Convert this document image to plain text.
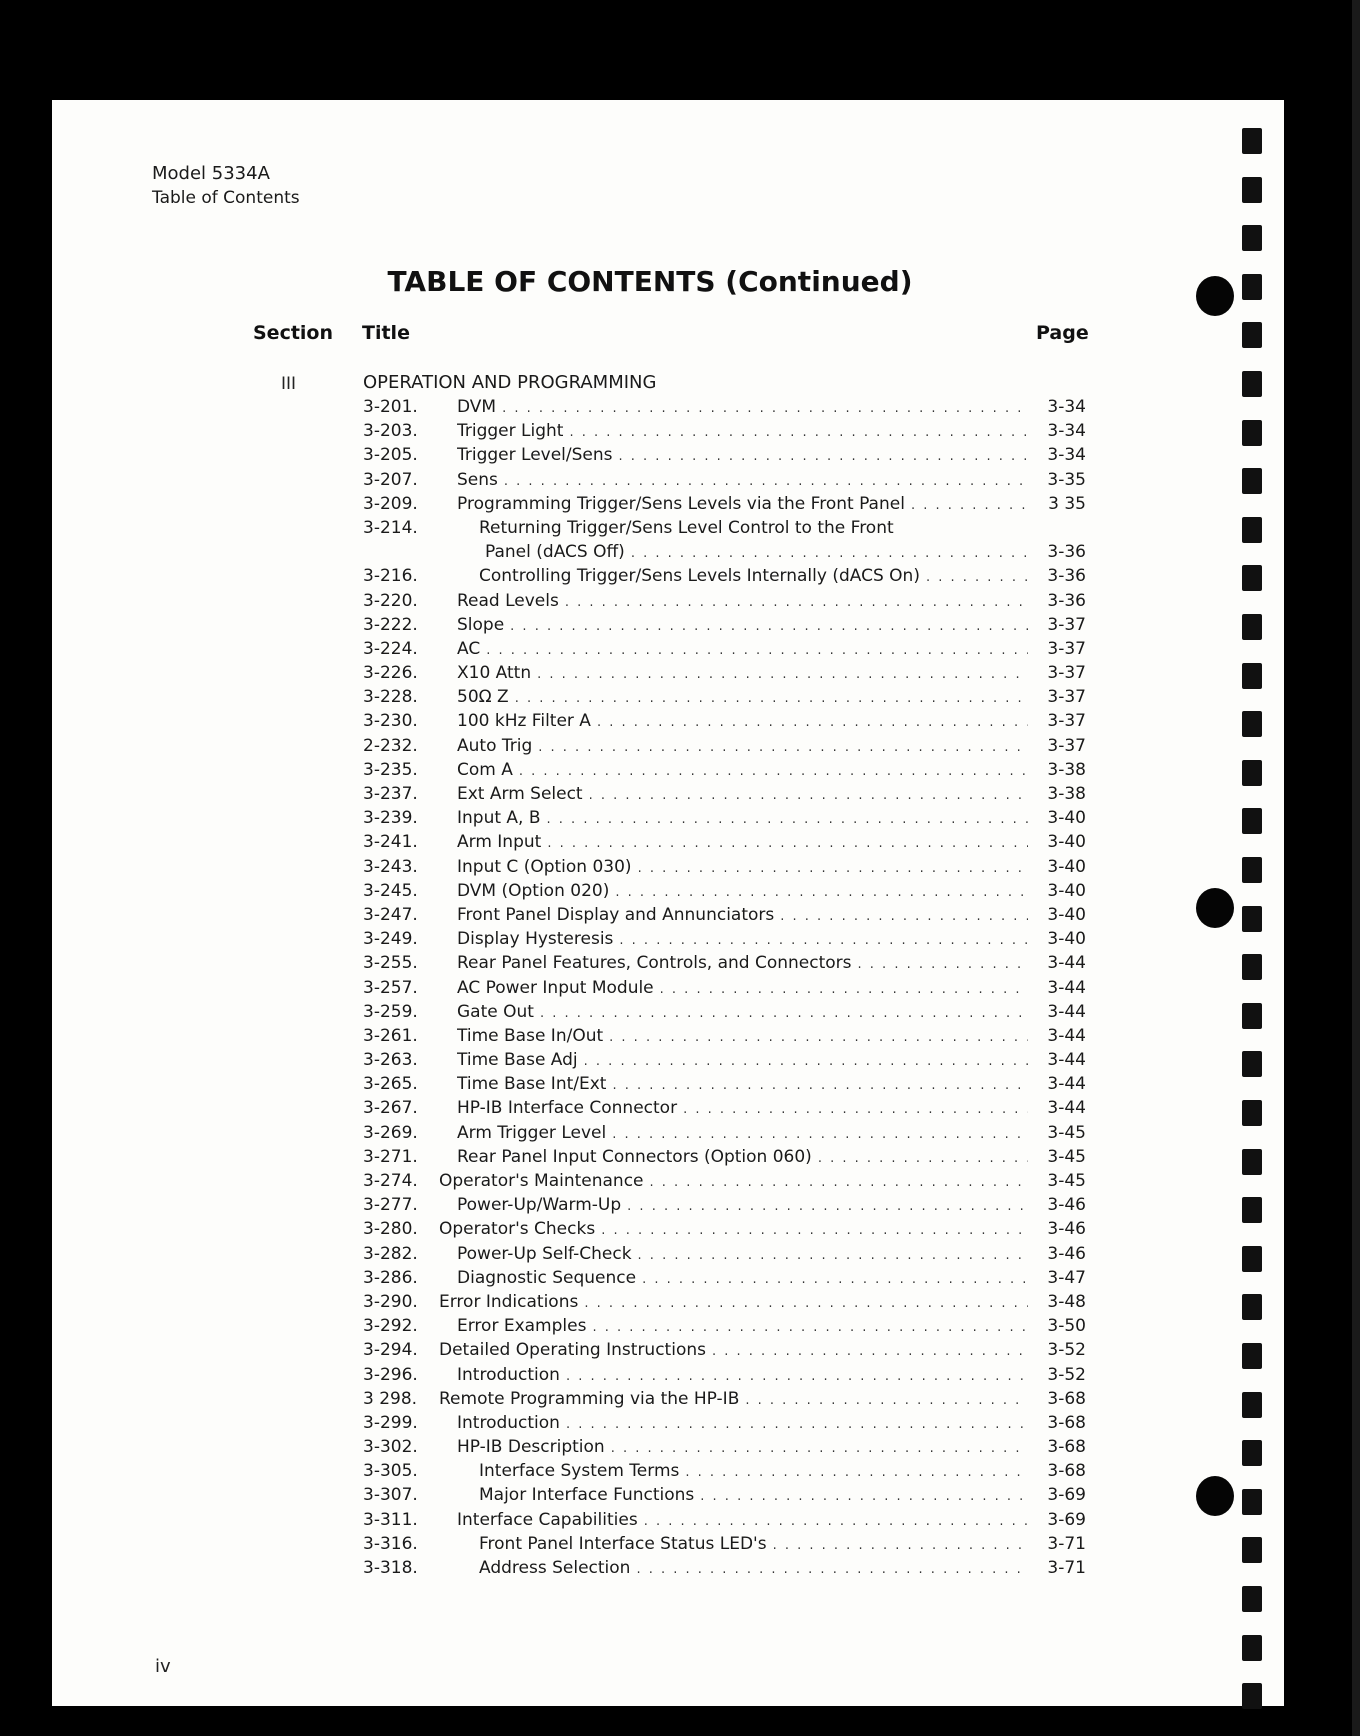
Model 5334A
Table of Contents
TABLE OF CONTENTS (Continued)
Section Title	Page
III	OPERATION AND PROGRAMMING
3-201. DVM . . .	3-34
3-203. Trigger Light . . .	3-34
3-205. Trigger Level/Sens . . .	3-34
3-207. Sens . . .	3-35
3-209. Programming Trigger/Sens Levels via the Front Panel . . .	3 35
3-214.	Returning Trigger/Sens Level Control to the Front
Panel (dACS Off) . . .	3-36
3-216.	Controlling Trigger/Sens Levels Internally (dACS On) . . .	3-36
3-220. Read Levels . . .	3-36
3-222. Slope . . .	3-37
3-224. AC . . .	3-37
3-226. X10 Attn . . .	3-37
3-228. 50Ω Z . . .	3-37
3-230. 100 kHz Filter A . . .	3-37
2-232. Auto Trig . . .	3-37
3-235. Com A . . .	3-38
3-237. Ext Arm Select . . .	3-38
3-239. Input A, B . . .	3-40
3-241. Arm Input . . .	3-40
3-243. Input C (Option 030) . . .	3-40
3-245. DVM (Option 020) . . .	3-40
3-247. Front Panel Display and Annunciators . . .	3-40
3-249. Display Hysteresis . . .	3-40
3-255. Rear Panel Features, Controls, and Connectors . . .	3-44
3-257. AC Power Input Module . . .	3-44
3-259. Gate Out . . .	3-44
3-261. Time Base In/Out . . .	3-44
3-263. Time Base Adj . . .	3-44
3-265. Time Base Int/Ext . . .	3-44
3-267. HP-IB Interface Connector . . .	3-44
3-269. Arm Trigger Level . . .	3-45
3-271. Rear Panel Input Connectors (Option 060) . . .	3-45
3-274. Operator's Maintenance . . .	3-45
3-277. Power-Up/Warm-Up . . .	3-46
3-280. Operator's Checks . . .	3-46
3-282. Power-Up Self-Check . . .	3-46
3-286. Diagnostic Sequence . . .	3-47
3-290. Error Indications . . .	3-48
3-292. Error Examples . . .	3-50
3-294. Detailed Operating Instructions . . .	3-52
3-296. Introduction . . .	3-52
3 298. Remote Programming via the HP-IB . . .	3-68
3-299. Introduction . . .	3-68
3-302. HP-IB Description . . .	3-68
3-305.	Interface System Terms . . .	3-68
3-307.	Major Interface Functions . . .	3-69
3-311. Interface Capabilities . . .	3-69
3-316.	Front Panel Interface Status LED's . . .	3-71
3-318.	Address Selection . . .	3-71
iv
